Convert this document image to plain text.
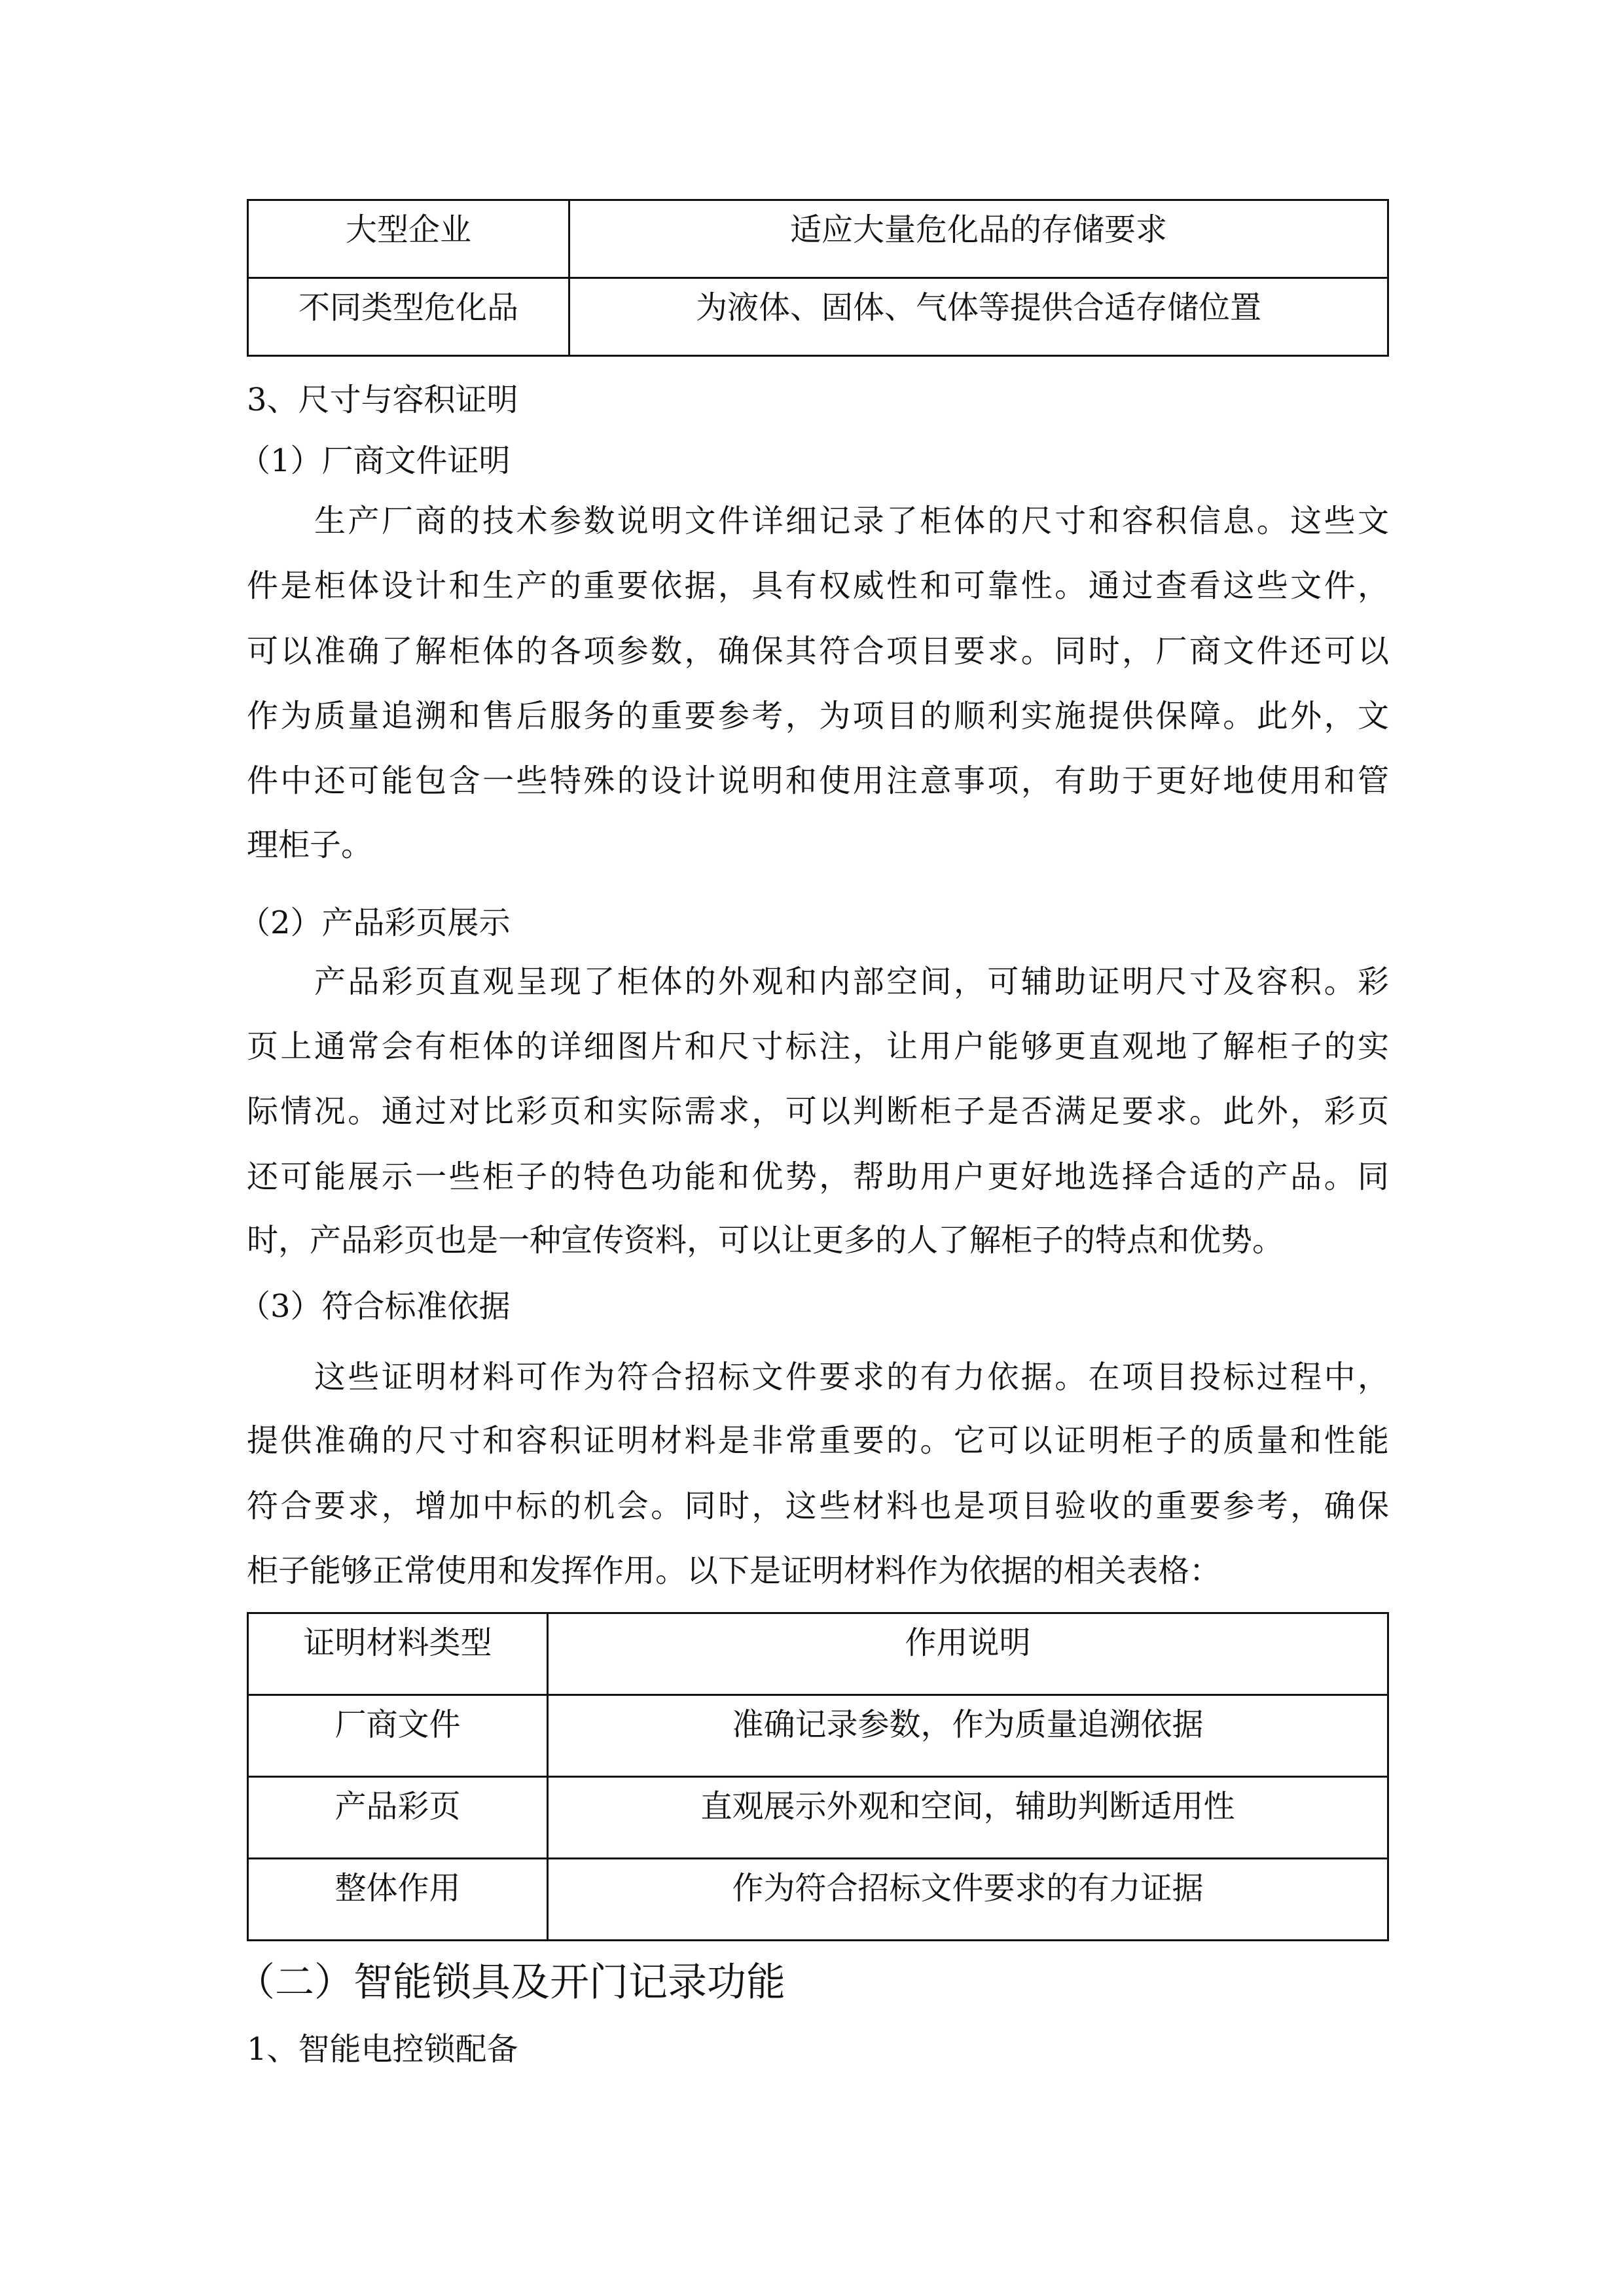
大型企业	适应大量危化品的存储要求
不同类型危化品	为液体、固体、气体等提供合适存储位置
3、尺寸与容积证明
（1）厂商文件证明
生产厂商的技术参数说明文件详细记录了柜体的尺寸和容积信息。这些文
件是柜体设计和生产的重要依据，具有权威性和可靠性。通过查看这些文件，
可以准确了解柜体的各项参数，确保其符合项目要求。同时，厂商文件还可以
作为质量追溯和售后服务的重要参考，为项目的顺利实施提供保障。此外，文
件中还可能包含一些特殊的设计说明和使用注意事项，有助于更好地使用和管
理柜子。
（2）产品彩页展示
产品彩页直观呈现了柜体的外观和内部空间，可辅助证明尺寸及容积。彩
页上通常会有柜体的详细图片和尺寸标注，让用户能够更直观地了解柜子的实
际情况。通过对比彩页和实际需求，可以判断柜子是否满足要求。此外，彩页
还可能展示一些柜子的特色功能和优势，帮助用户更好地选择合适的产品。同
时，产品彩页也是一种宣传资料，可以让更多的人了解柜子的特点和优势。
（3）符合标准依据
这些证明材料可作为符合招标文件要求的有力依据。在项目投标过程中，
提供准确的尺寸和容积证明材料是非常重要的。它可以证明柜子的质量和性能
符合要求，增加中标的机会。同时，这些材料也是项目验收的重要参考，确保
柜子能够正常使用和发挥作用。以下是证明材料作为依据的相关表格：
证明材料类型	作用说明
厂商文件	准确记录参数，作为质量追溯依据
产品彩页	直观展示外观和空间，辅助判断适用性
整体作用	作为符合招标文件要求的有力证据
（二）智能锁具及开门记录功能
1、智能电控锁配备
